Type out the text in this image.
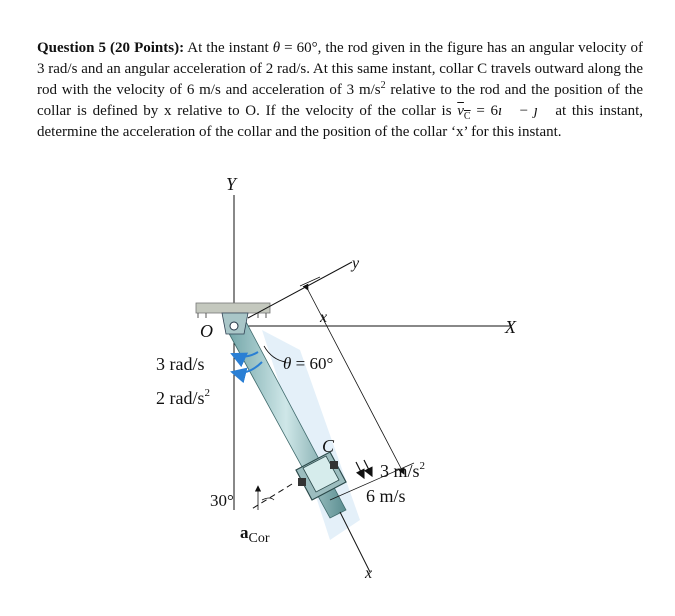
Question 5 (20 Points): At the instant θ = 60°, the rod given in the figure has an angular velocity of 3 rad/s and an angular acceleration of 2 rad/s. At this same instant, collar C travels outward along the rod with the velocity of 6 m/s and acceleration of 3 $m/s^2$ relative to the rod and the position of the collar is defined by x relative to O. If the velocity of the collar is $\overline{v}_{\overline{C}}$ = 6ı⃗ − ȷ⃗ at this instant, determine the acceleration of the collar and the position of the collar ‘x’ for this instant.
Y
X
O
y
x
θ = 60°
3 rad/s
2 rad/$s^2$
C
x
3 $m/s^2$
6 m/s
30°
$a_{Cor}$
